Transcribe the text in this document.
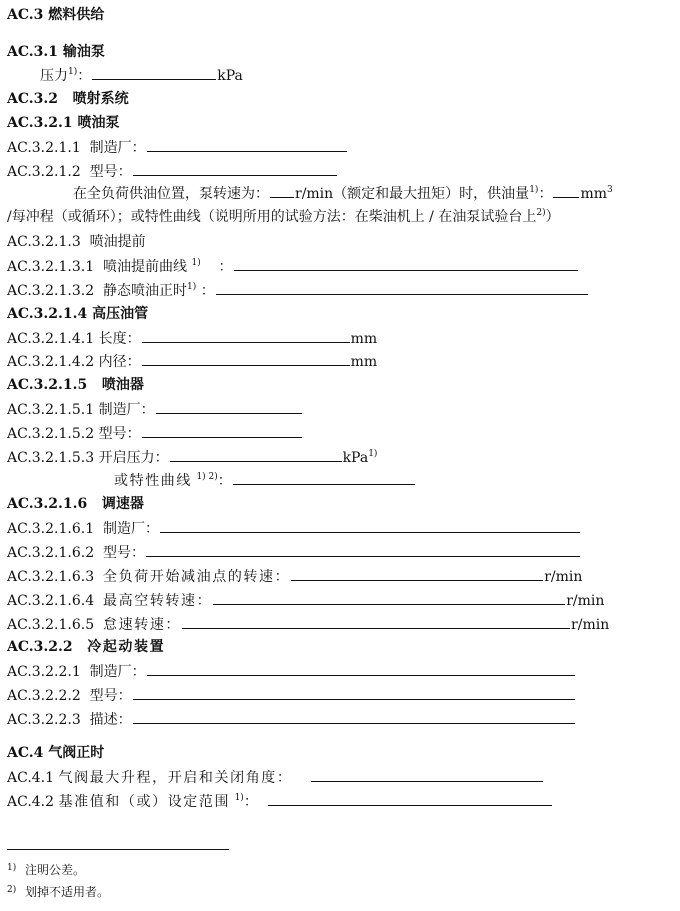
AC.3 燃料供给
AC.3.1 输油泵
压力$^{1)}$：	kPa
AC.3.2 喷射系统
AC.3.2.1 喷油泵
AC.3.2.1.1 制造厂：
AC.3.2.1.2 型号：
在全负荷供油位置，泵转速为： r/min（额定和最大扭矩）时，供油量$^{1)}$： $mm^3$
/每冲程（或循环）；或特性曲线（说明所用的试验方法：在柴油机上 / 在油泵试验台上$^{2)}$）
AC.3.2.1.3 喷油提前
AC.3.2.1.3.1 喷油提前曲线 $^{1)}$ ：
AC.3.2.1.3.2 静态喷油正时$^{1)}$ ：
AC.3.2.1.4 高压油管
AC.3.2.1.4.1 长度：	mm
AC.3.2.1.4.2 内径：	mm
AC.3.2.1.5 喷油器
AC.3.2.1.5.1 制造厂：
AC.3.2.1.5.2 型号：
AC.3.2.1.5.3 开启压力：	kPa$^{1)}$
或特性曲线 $^{1) 2)}$：
AC.3.2.1.6 调速器
AC.3.2.1.6.1 制造厂：
AC.3.2.1.6.2 型号：
AC.3.2.1.6.3 全负荷开始减油点的转速：	r/min
AC.3.2.1.6.4 最高空转转速：	r/min
AC.3.2.1.6.5 怠速转速：	r/min
AC.3.2.2 冷起动装置
AC.3.2.2.1 制造厂：
AC.3.2.2.2 型号：
AC.3.2.2.3 描述：
AC.4 气阀正时
AC.4.1 气阀最大升程，开启和关闭角度：
AC.4.2 基准值和（或）设定范围 $^{1)}$：
1) 注明公差。
2) 划掉不适用者。
